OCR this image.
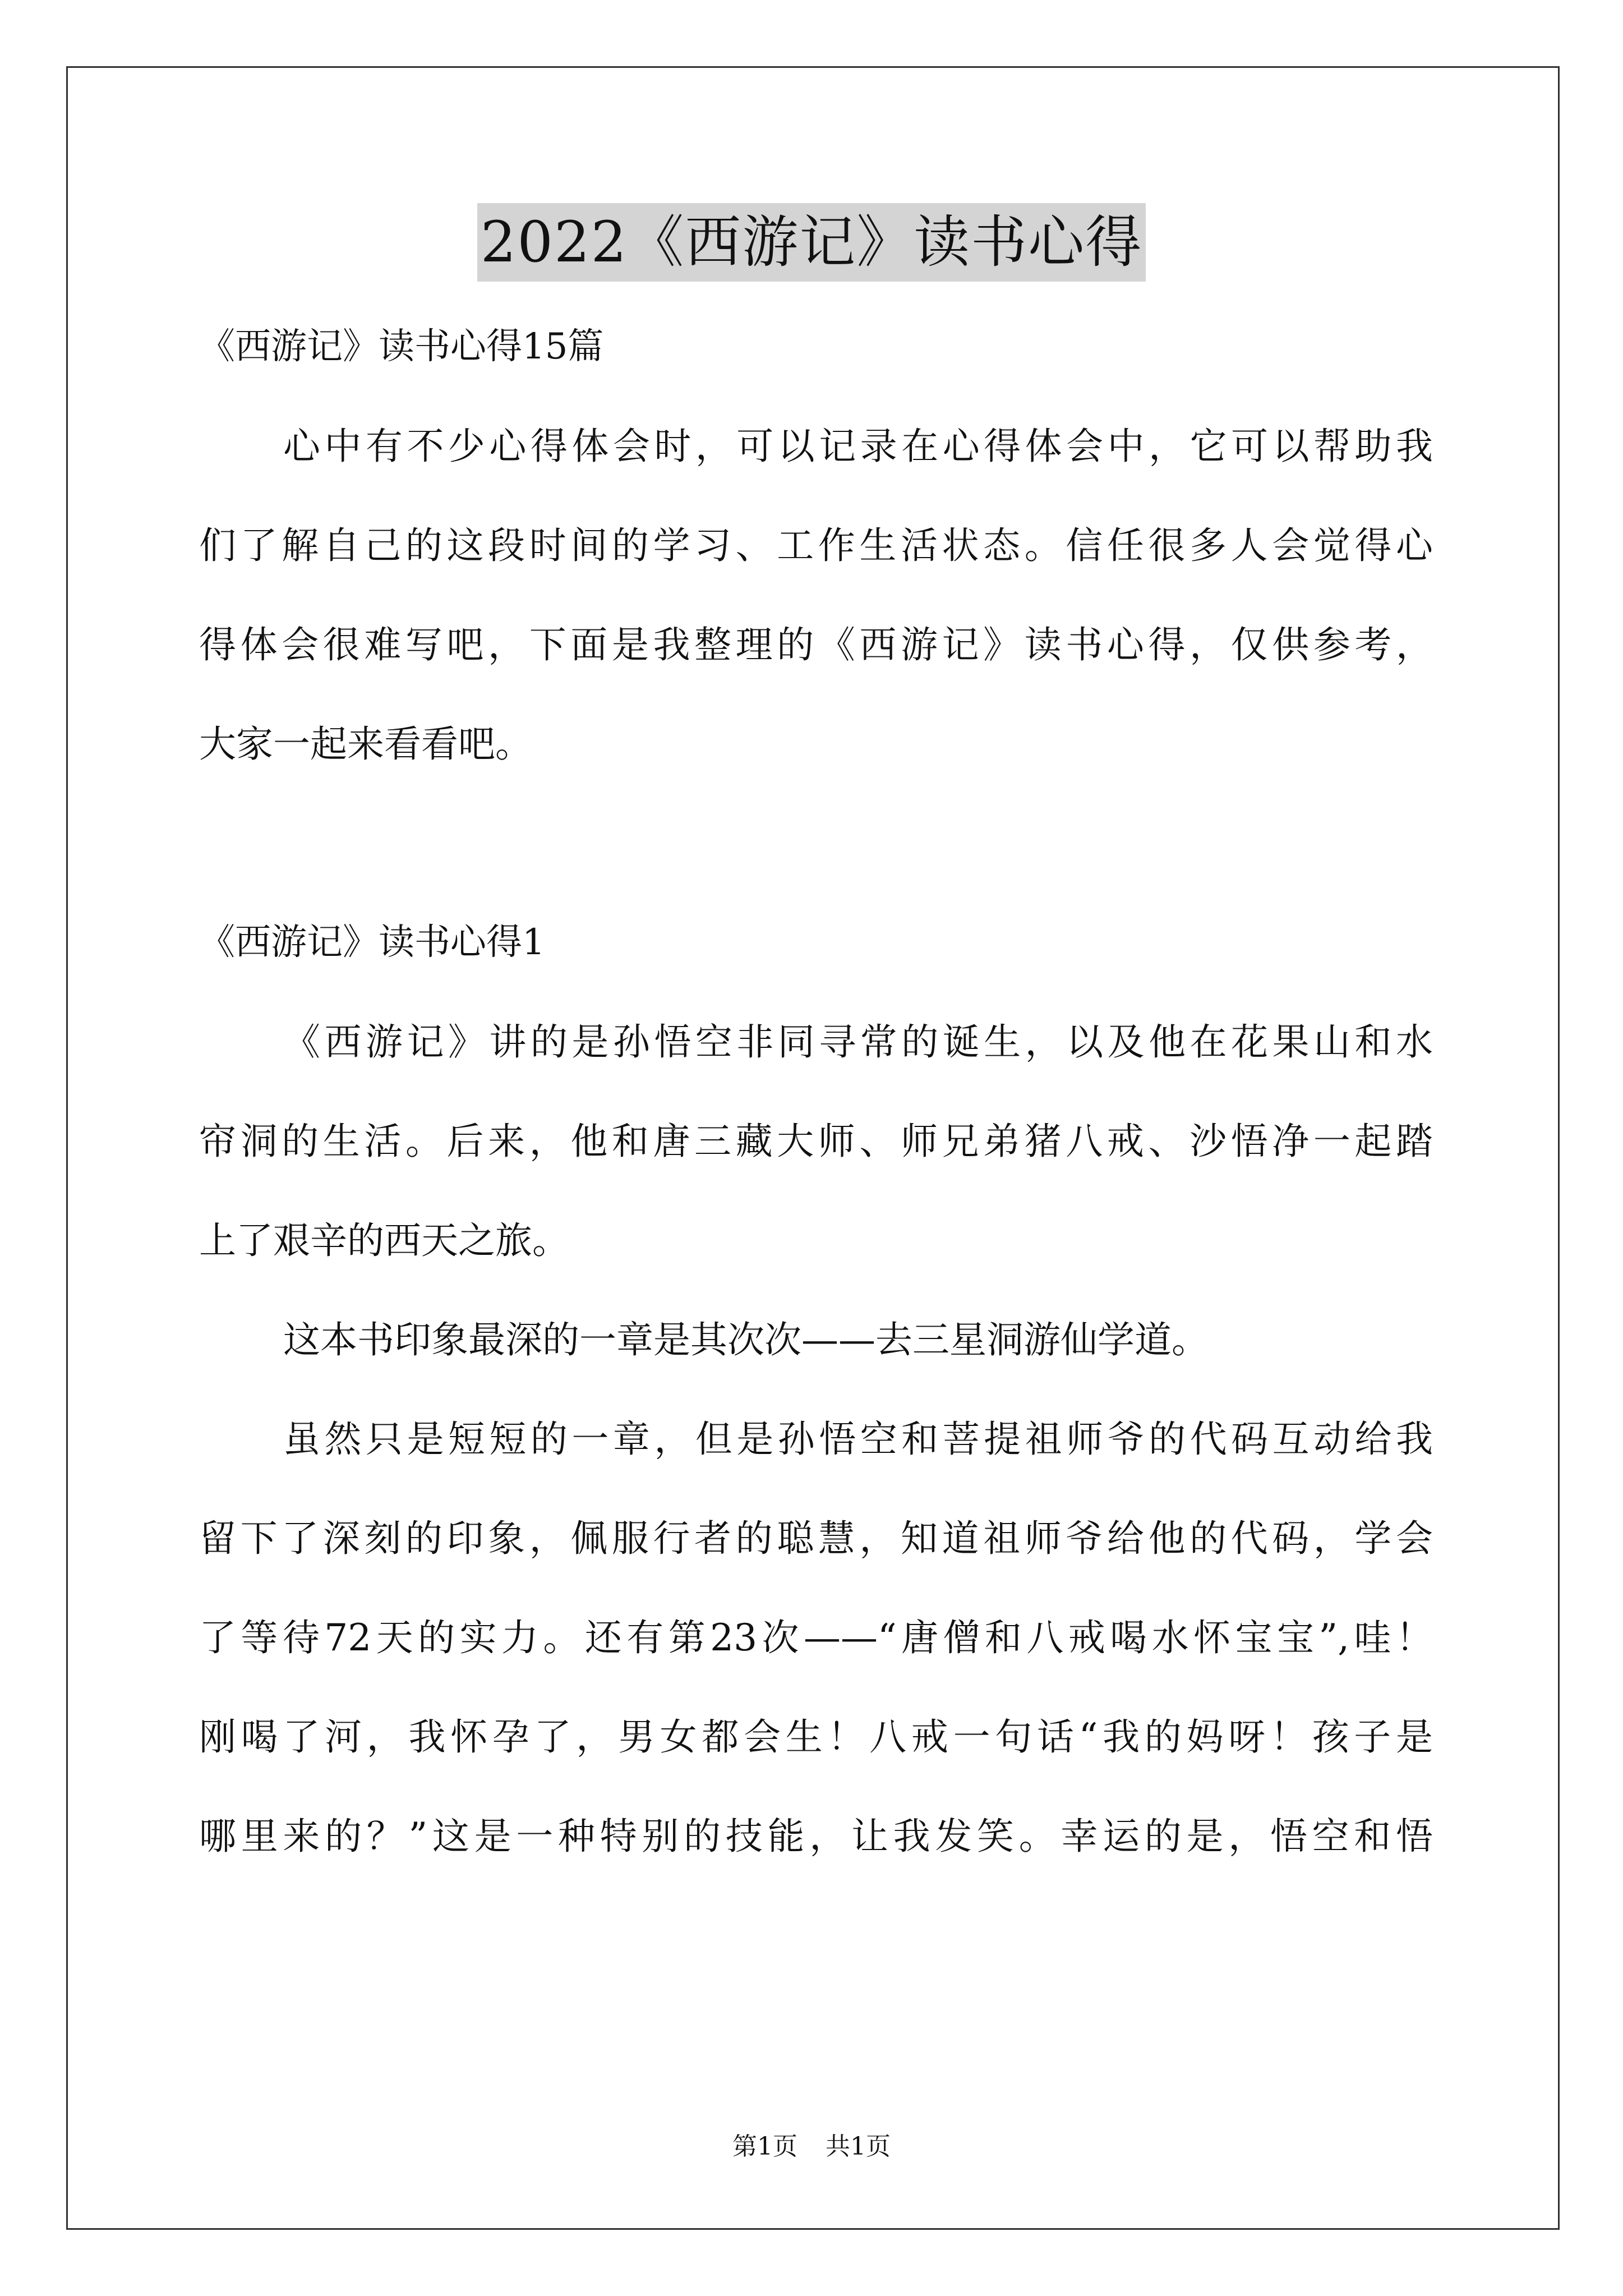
2022《西游记》读书心得
《西游记》读书心得15篇
心中有不少心得体会时，可以记录在心得体会中，它可以帮助我
们了解自己的这段时间的学习、工作生活状态。信任很多人会觉得心
得体会很难写吧，下面是我整理的《西游记》读书心得，仅供参考，
大家一起来看看吧。
《西游记》读书心得1
《西游记》讲的是孙悟空非同寻常的诞生，以及他在花果山和水
帘洞的生活。后来，他和唐三藏大师、师兄弟猪八戒、沙悟净一起踏
上了艰辛的西天之旅。
这本书印象最深的一章是其次次——去三星洞游仙学道。
虽然只是短短的一章，但是孙悟空和菩提祖师爷的代码互动给我
留下了深刻的印象，佩服行者的聪慧，知道祖师爷给他的代码，学会
了等待72天的实力。还有第23次——“唐僧和八戒喝水怀宝宝”,哇！
刚喝了河，我怀孕了，男女都会生！八戒一句话“我的妈呀！孩子是
哪里来的？”这是一种特别的技能，让我发笑。幸运的是，悟空和悟
第1页 共1页
